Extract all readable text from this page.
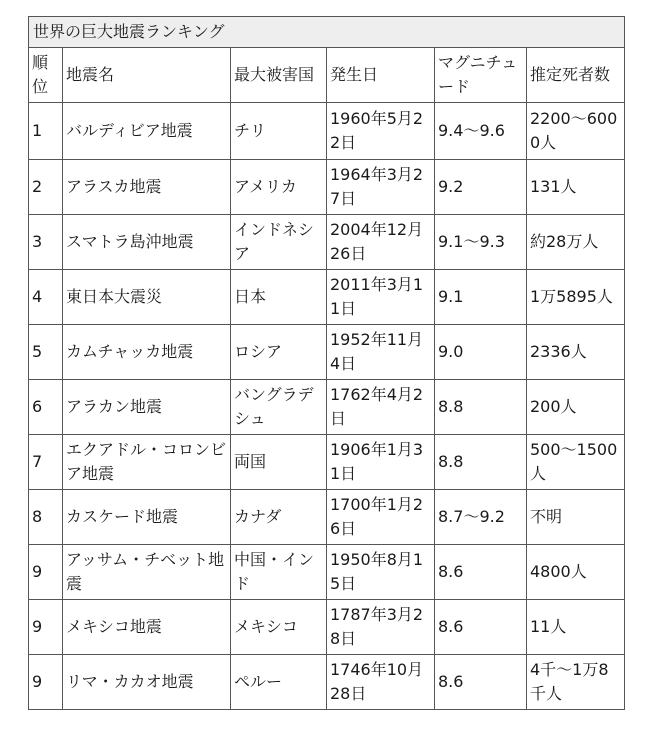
世界の巨大地震ランキング					
順位	地震名	最大被害国	発生日	マグニチュード	推定死者数
1	バルディビア地震	チリ	1960年5月22日	9.4〜9.6	2200〜6000人
2	アラスカ地震	アメリカ	1964年3月27日	9.2	131人
3	スマトラ島沖地震	インドネシア	2004年12月26日	9.1〜9.3	約28万人
4	東日本大震災	日本	2011年3月11日	9.1	1万5895人
5	カムチャッカ地震	ロシア	1952年11月4日	9.0	2336人
6	アラカン地震	バングラデシュ	1762年4月2日	8.8	200人
7	エクアドル・コロンビア地震	両国	1906年1月31日	8.8	500〜1500人
8	カスケード地震	カナダ	1700年1月26日	8.7〜9.2	不明
9	アッサム・チベット地震	中国・インド	1950年8月15日	8.6	4800人
9	メキシコ地震	メキシコ	1787年3月28日	8.6	11人
9	リマ・カカオ地震	ペルー	1746年10月28日	8.6	4千〜1万8千人
